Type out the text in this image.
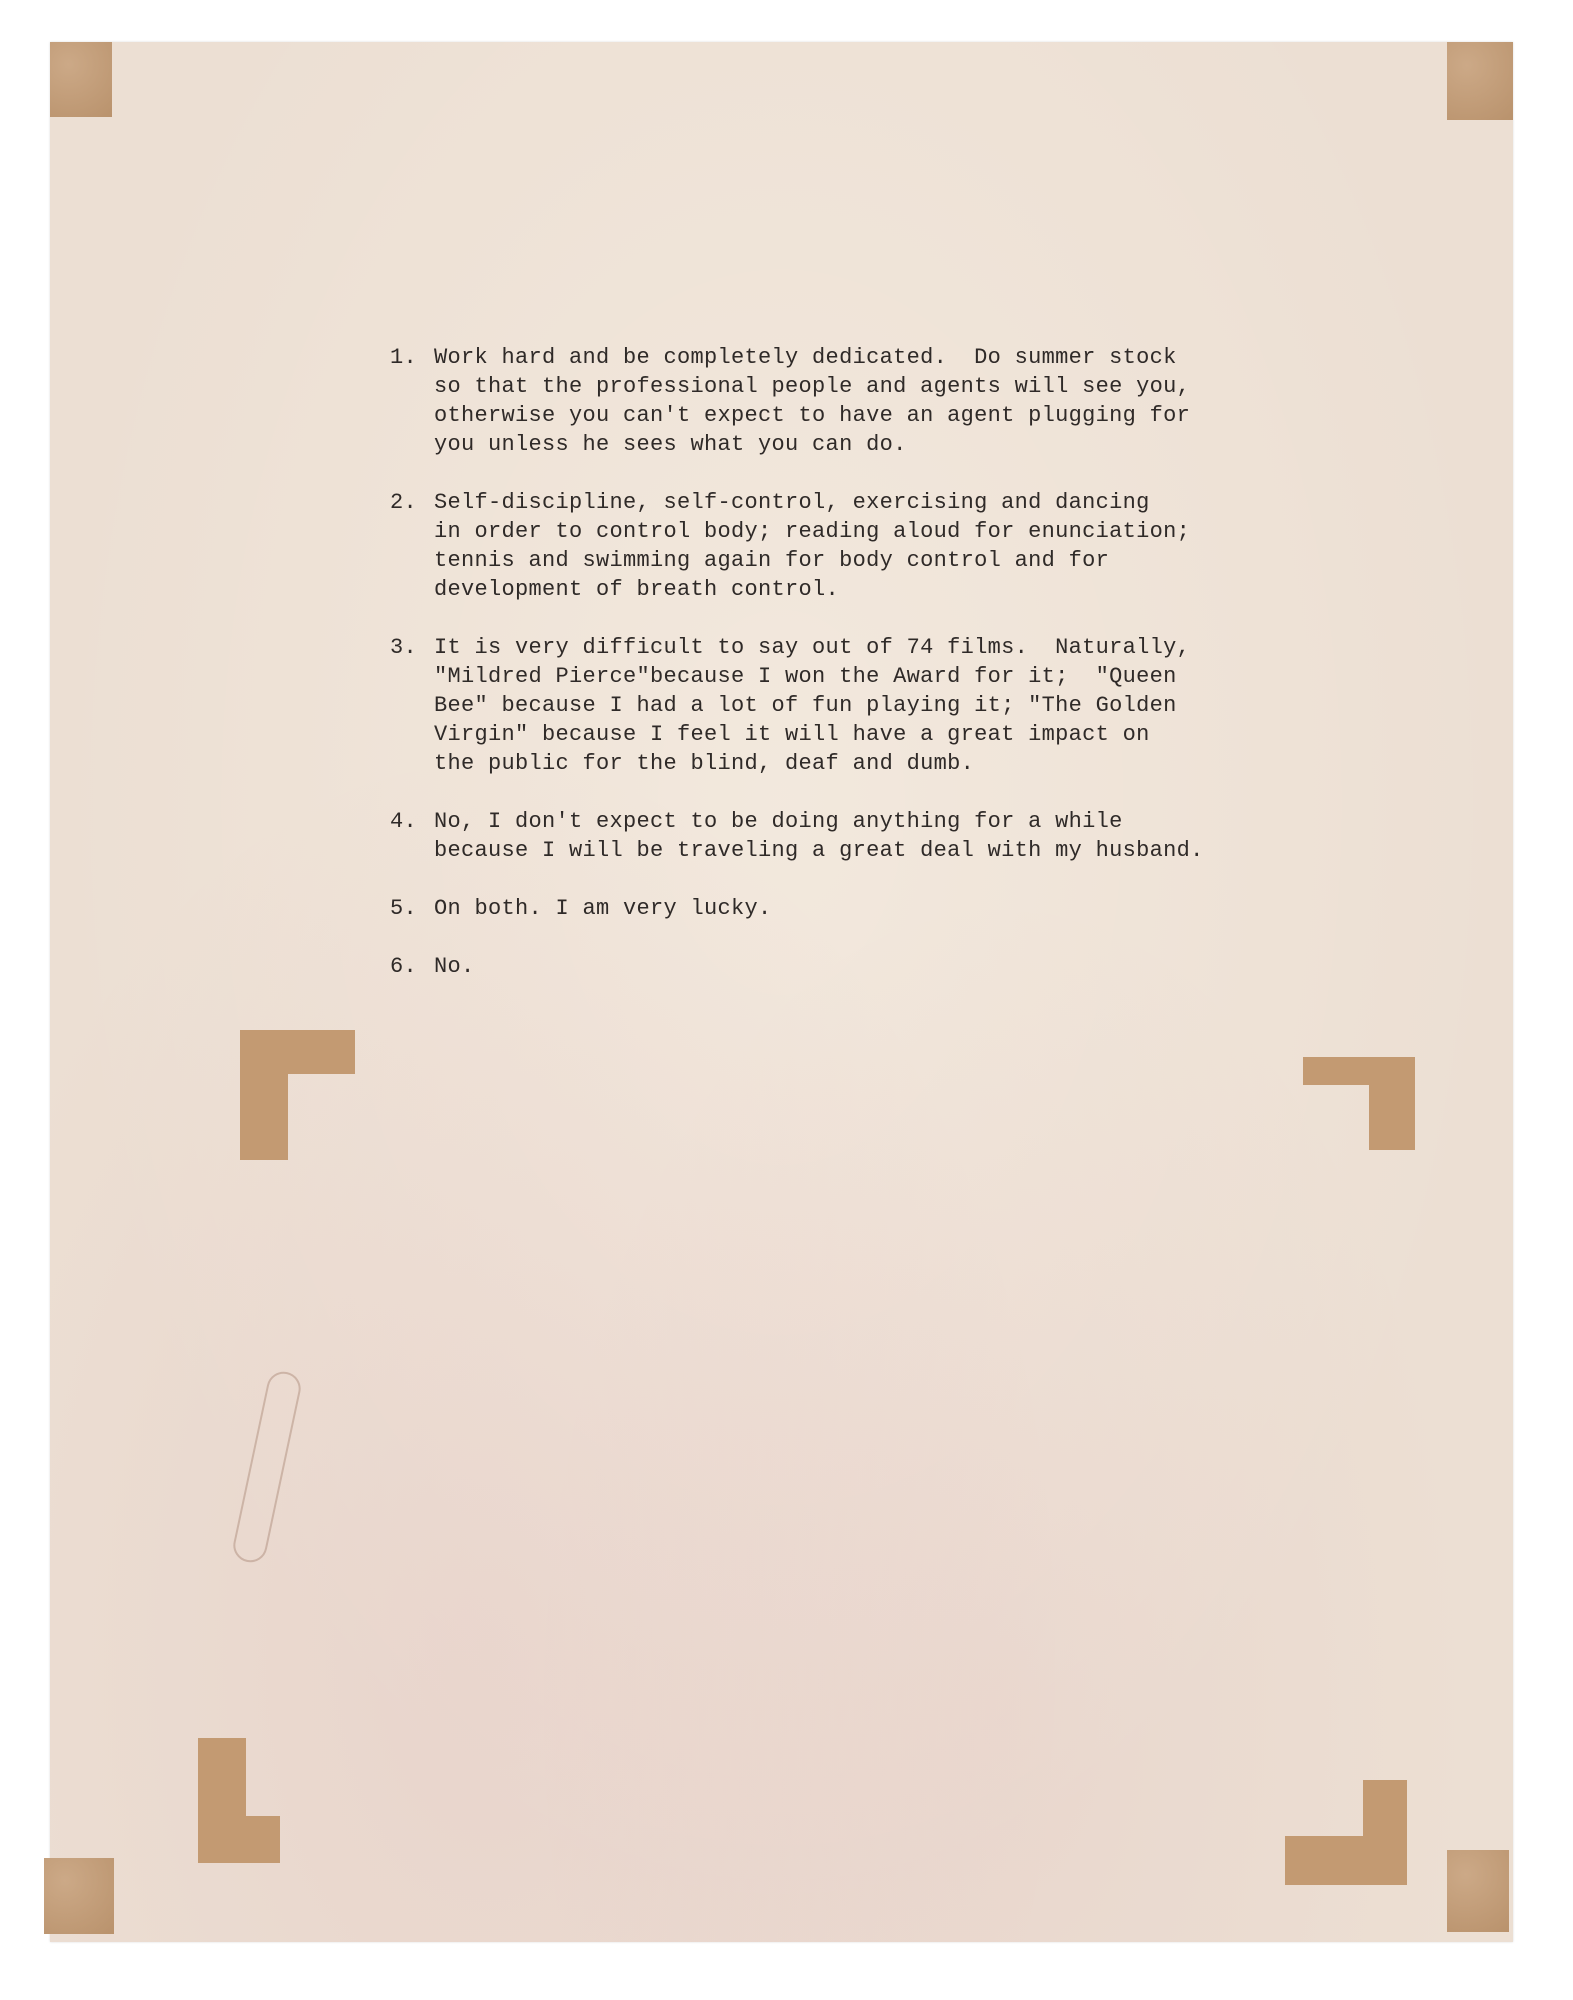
1. Work hard and be completely dedicated.  Do summer stock
so that the professional people and agents will see you,
otherwise you can't expect to have an agent plugging for
you unless he sees what you can do.
2. Self-discipline, self-control, exercising and dancing
in order to control body; reading aloud for enunciation;
tennis and swimming again for body control and for
development of breath control.
3. It is very difficult to say out of 74 films.  Naturally,
"Mildred Pierce"because I won the Award for it;  "Queen
Bee" because I had a lot of fun playing it; "The Golden
Virgin" because I feel it will have a great impact on
the public for the blind, deaf and dumb.
4. No, I don't expect to be doing anything for a while
because I will be traveling a great deal with my husband.
5. On both. I am very lucky.
6. No.
